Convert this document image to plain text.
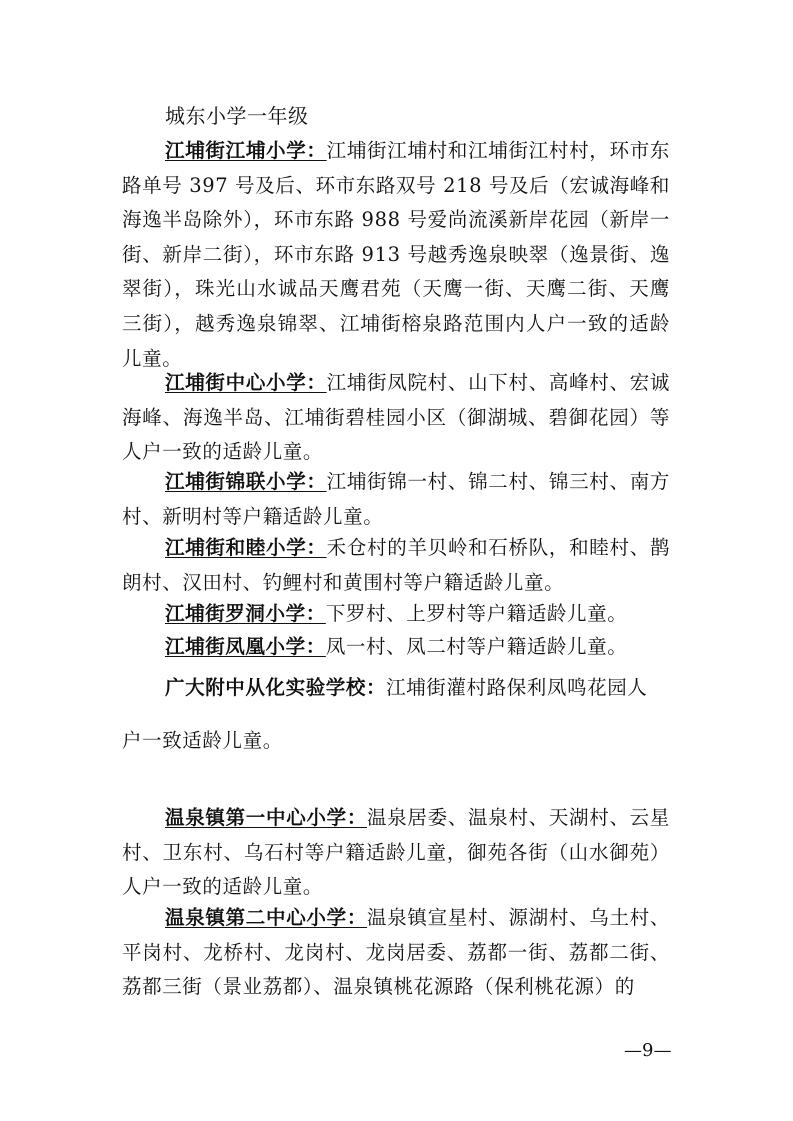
城东小学一年级
江埔街江埔小学：江埔街江埔村和江埔街江村村，环市东路单号 397 号及后、环市东路双号 218 号及后（宏诚海峰和海逸半岛除外），环市东路 988 号爱尚流溪新岸花园（新岸一街、新岸二街），环市东路 913 号越秀逸泉映翠（逸景街、逸翠街），珠光山水诚品天鹰君苑（天鹰一街、天鹰二街、天鹰三街），越秀逸泉锦翠、江埔街榕泉路范围内人户一致的适龄儿童。
江埔街中心小学：江埔街凤院村、山下村、高峰村、宏诚海峰、海逸半岛、江埔街碧桂园小区（御湖城、碧御花园）等人户一致的适龄儿童。
江埔街锦联小学：江埔街锦一村、锦二村、锦三村、南方村、新明村等户籍适龄儿童。
江埔街和睦小学：禾仓村的羊贝岭和石桥队，和睦村、鹊朗村、汉田村、钓鲤村和黄围村等户籍适龄儿童。
江埔街罗洞小学：下罗村、上罗村等户籍适龄儿童。
江埔街凤凰小学：凤一村、凤二村等户籍适龄儿童。
广大附中从化实验学校：江埔街灌村路保利凤鸣花园人
户一致适龄儿童。
温泉镇第一中心小学：温泉居委、温泉村、天湖村、云星村、卫东村、乌石村等户籍适龄儿童，御苑各街（山水御苑）人户一致的适龄儿童。
温泉镇第二中心小学：温泉镇宣星村、源湖村、乌土村、平岗村、龙桥村、龙岗村、龙岗居委、荔都一街、荔都二街、荔都三街（景业荔都）、温泉镇桃花源路（保利桃花源）的
—9—
